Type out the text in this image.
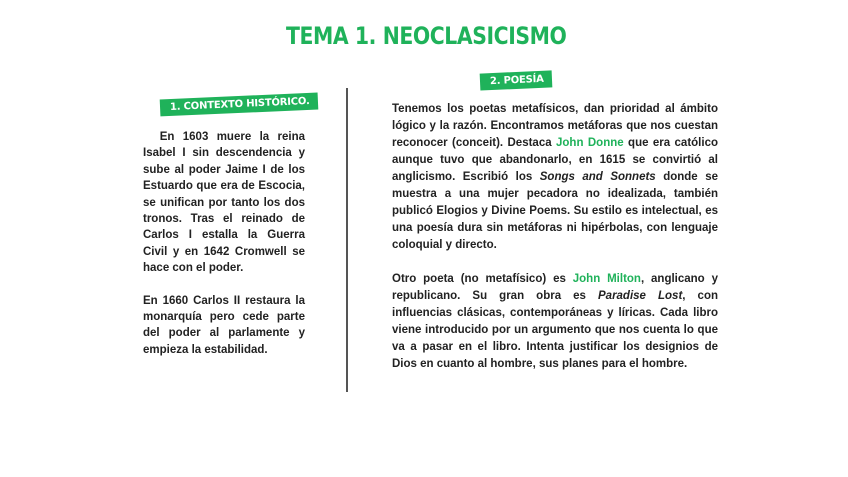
TEMA 1. NEOCLASICISMO
1. CONTEXTO HISTÓRICO.
2. POESÍA

En 1603 muere la reina Isabel I sin descendencia y sube al poder Jaime I de los Estuardo que era de Escocia, se unifican por tanto los dos tronos. Tras el reinado de Carlos I estalla la Guerra Civil y en 1642 Cromwell se hace con el poder.

En 1660 Carlos II restaura la monarquía pero cede parte del poder al parlamente y empieza la estabilidad.

Tenemos los poetas metafísicos, dan prioridad al ámbito lógico y la razón. Encontramos metáforas que nos cuestan reconocer (conceit). Destaca John Donne que era católico aunque tuvo que abandonarlo, en 1615 se convirtió al anglicismo. Escribió los Songs and Sonnets donde se muestra a una mujer pecadora no idealizada, también publicó Elogios y Divine Poems. Su estilo es intelectual, es una poesía dura sin metáforas ni hipérbolas, con lenguaje coloquial y directo.

Otro poeta (no metafísico) es John Milton, anglicano y republicano. Su gran obra es Paradise Lost, con influencias clásicas, contemporáneas y líricas. Cada libro viene introducido por un argumento que nos cuenta lo que va a pasar en el libro. Intenta justificar los designios de Dios en cuanto al hombre, sus planes para el hombre.
